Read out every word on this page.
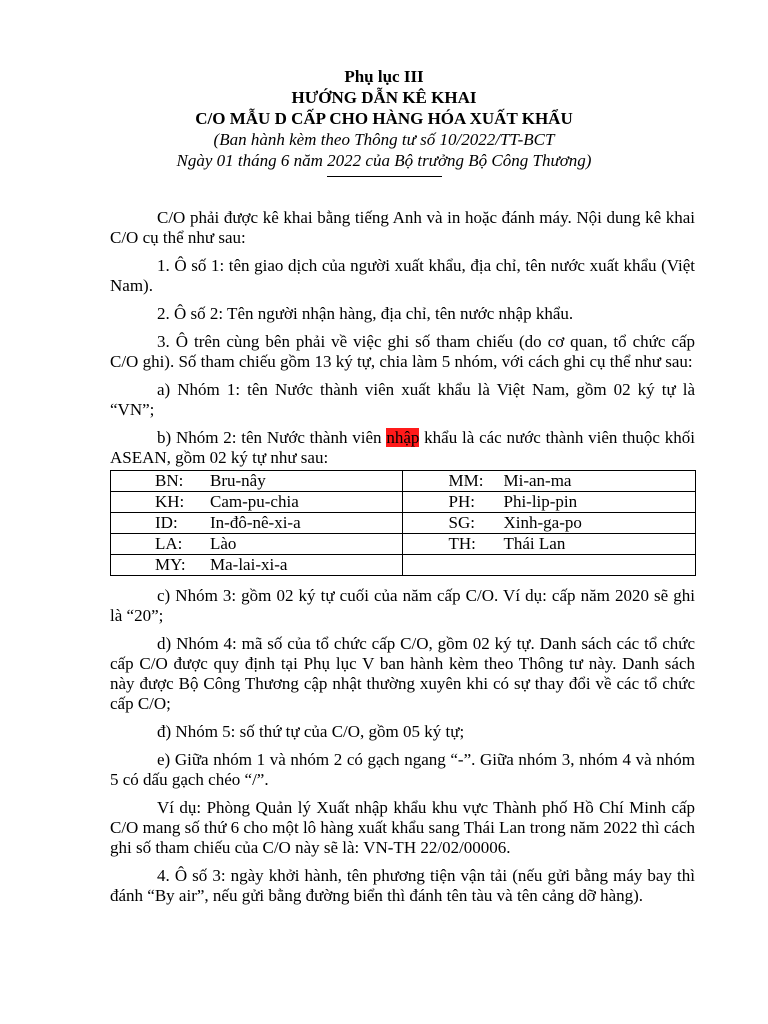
Phụ lục III
HƯỚNG DẪN KÊ KHAI
C/O MẪU D CẤP CHO HÀNG HÓA XUẤT KHẨU
(Ban hành kèm theo Thông tư số 10/2022/TT-BCT
Ngày 01 tháng 6 năm 2022 của Bộ trưởng Bộ Công Thương)

C/O phải được kê khai bằng tiếng Anh và in hoặc đánh máy. Nội dung kê khai C/O cụ thể như sau:

1. Ô số 1: tên giao dịch của người xuất khẩu, địa chỉ, tên nước xuất khẩu (Việt Nam).

2. Ô số 2: Tên người nhận hàng, địa chỉ, tên nước nhập khẩu.

3. Ô trên cùng bên phải về việc ghi số tham chiếu (do cơ quan, tổ chức cấp C/O ghi). Số tham chiếu gồm 13 ký tự, chia làm 5 nhóm, với cách ghi cụ thể như sau:

a) Nhóm 1: tên Nước thành viên xuất khẩu là Việt Nam, gồm 02 ký tự là “VN”;

b) Nhóm 2: tên Nước thành viên nhập khẩu là các nước thành viên thuộc khối ASEAN, gồm 02 ký tự như sau:

BN: Bru-nây	MM: Mi-an-ma

KH: Cam-pu-chia	PH: Phi-lip-pin

ID: In-đô-nê-xi-a	SG: Xinh-ga-po

LA: Lào	TH: Thái Lan

MY: Ma-lai-xi-a	

c) Nhóm 3: gồm 02 ký tự cuối của năm cấp C/O. Ví dụ: cấp năm 2020 sẽ ghi là “20”;

d) Nhóm 4: mã số của tổ chức cấp C/O, gồm 02 ký tự. Danh sách các tổ chức cấp C/O được quy định tại Phụ lục V ban hành kèm theo Thông tư này. Danh sách này được Bộ Công Thương cập nhật thường xuyên khi có sự thay đổi về các tổ chức cấp C/O;

đ) Nhóm 5: số thứ tự của C/O, gồm 05 ký tự;

e) Giữa nhóm 1 và nhóm 2 có gạch ngang “-”. Giữa nhóm 3, nhóm 4 và nhóm 5 có dấu gạch chéo “/”.

Ví dụ: Phòng Quản lý Xuất nhập khẩu khu vực Thành phố Hồ Chí Minh cấp C/O mang số thứ 6 cho một lô hàng xuất khẩu sang Thái Lan trong năm 2022 thì cách ghi số tham chiếu của C/O này sẽ là: VN-TH 22/02/00006.

4. Ô số 3: ngày khởi hành, tên phương tiện vận tải (nếu gửi bằng máy bay thì đánh “By air”, nếu gửi bằng đường biển thì đánh tên tàu và tên cảng dỡ hàng).
